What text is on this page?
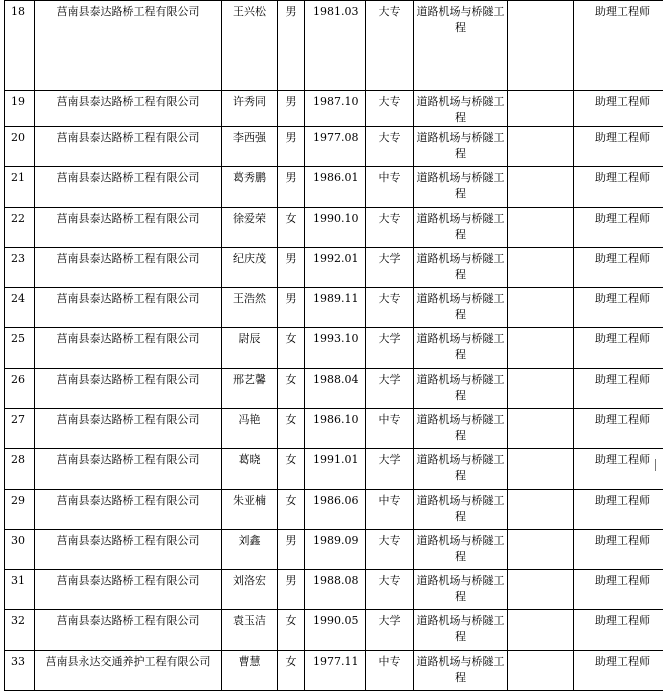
18	莒南县泰达路桥工程有限公司	王兴松	男	1981.03	大专	道路机场与桥隧工程		助理工程师
19	莒南县泰达路桥工程有限公司	许秀同	男	1987.10	大专	道路机场与桥隧工程		助理工程师
20	莒南县泰达路桥工程有限公司	李西强	男	1977.08	大专	道路机场与桥隧工程		助理工程师
21	莒南县泰达路桥工程有限公司	葛秀鹏	男	1986.01	中专	道路机场与桥隧工程		助理工程师
22	莒南县泰达路桥工程有限公司	徐爱荣	女	1990.10	大专	道路机场与桥隧工程		助理工程师
23	莒南县泰达路桥工程有限公司	纪庆茂	男	1992.01	大学	道路机场与桥隧工程		助理工程师
24	莒南县泰达路桥工程有限公司	王浩然	男	1989.11	大专	道路机场与桥隧工程		助理工程师
25	莒南县泰达路桥工程有限公司	尉辰	女	1993.10	大学	道路机场与桥隧工程		助理工程师
26	莒南县泰达路桥工程有限公司	邢艺馨	女	1988.04	大学	道路机场与桥隧工程		助理工程师
27	莒南县泰达路桥工程有限公司	冯艳	女	1986.10	中专	道路机场与桥隧工程		助理工程师
28	莒南县泰达路桥工程有限公司	葛晓	女	1991.01	大学	道路机场与桥隧工程		助理工程师
29	莒南县泰达路桥工程有限公司	朱亚楠	女	1986.06	中专	道路机场与桥隧工程		助理工程师
30	莒南县泰达路桥工程有限公司	刘鑫	男	1989.09	大专	道路机场与桥隧工程		助理工程师
31	莒南县泰达路桥工程有限公司	刘洛宏	男	1988.08	大专	道路机场与桥隧工程		助理工程师
32	莒南县泰达路桥工程有限公司	袁玉洁	女	1990.05	大学	道路机场与桥隧工程		助理工程师
33	莒南县永达交通养护工程有限公司	曹慧	女	1977.11	中专	道路机场与桥隧工程		助理工程师
